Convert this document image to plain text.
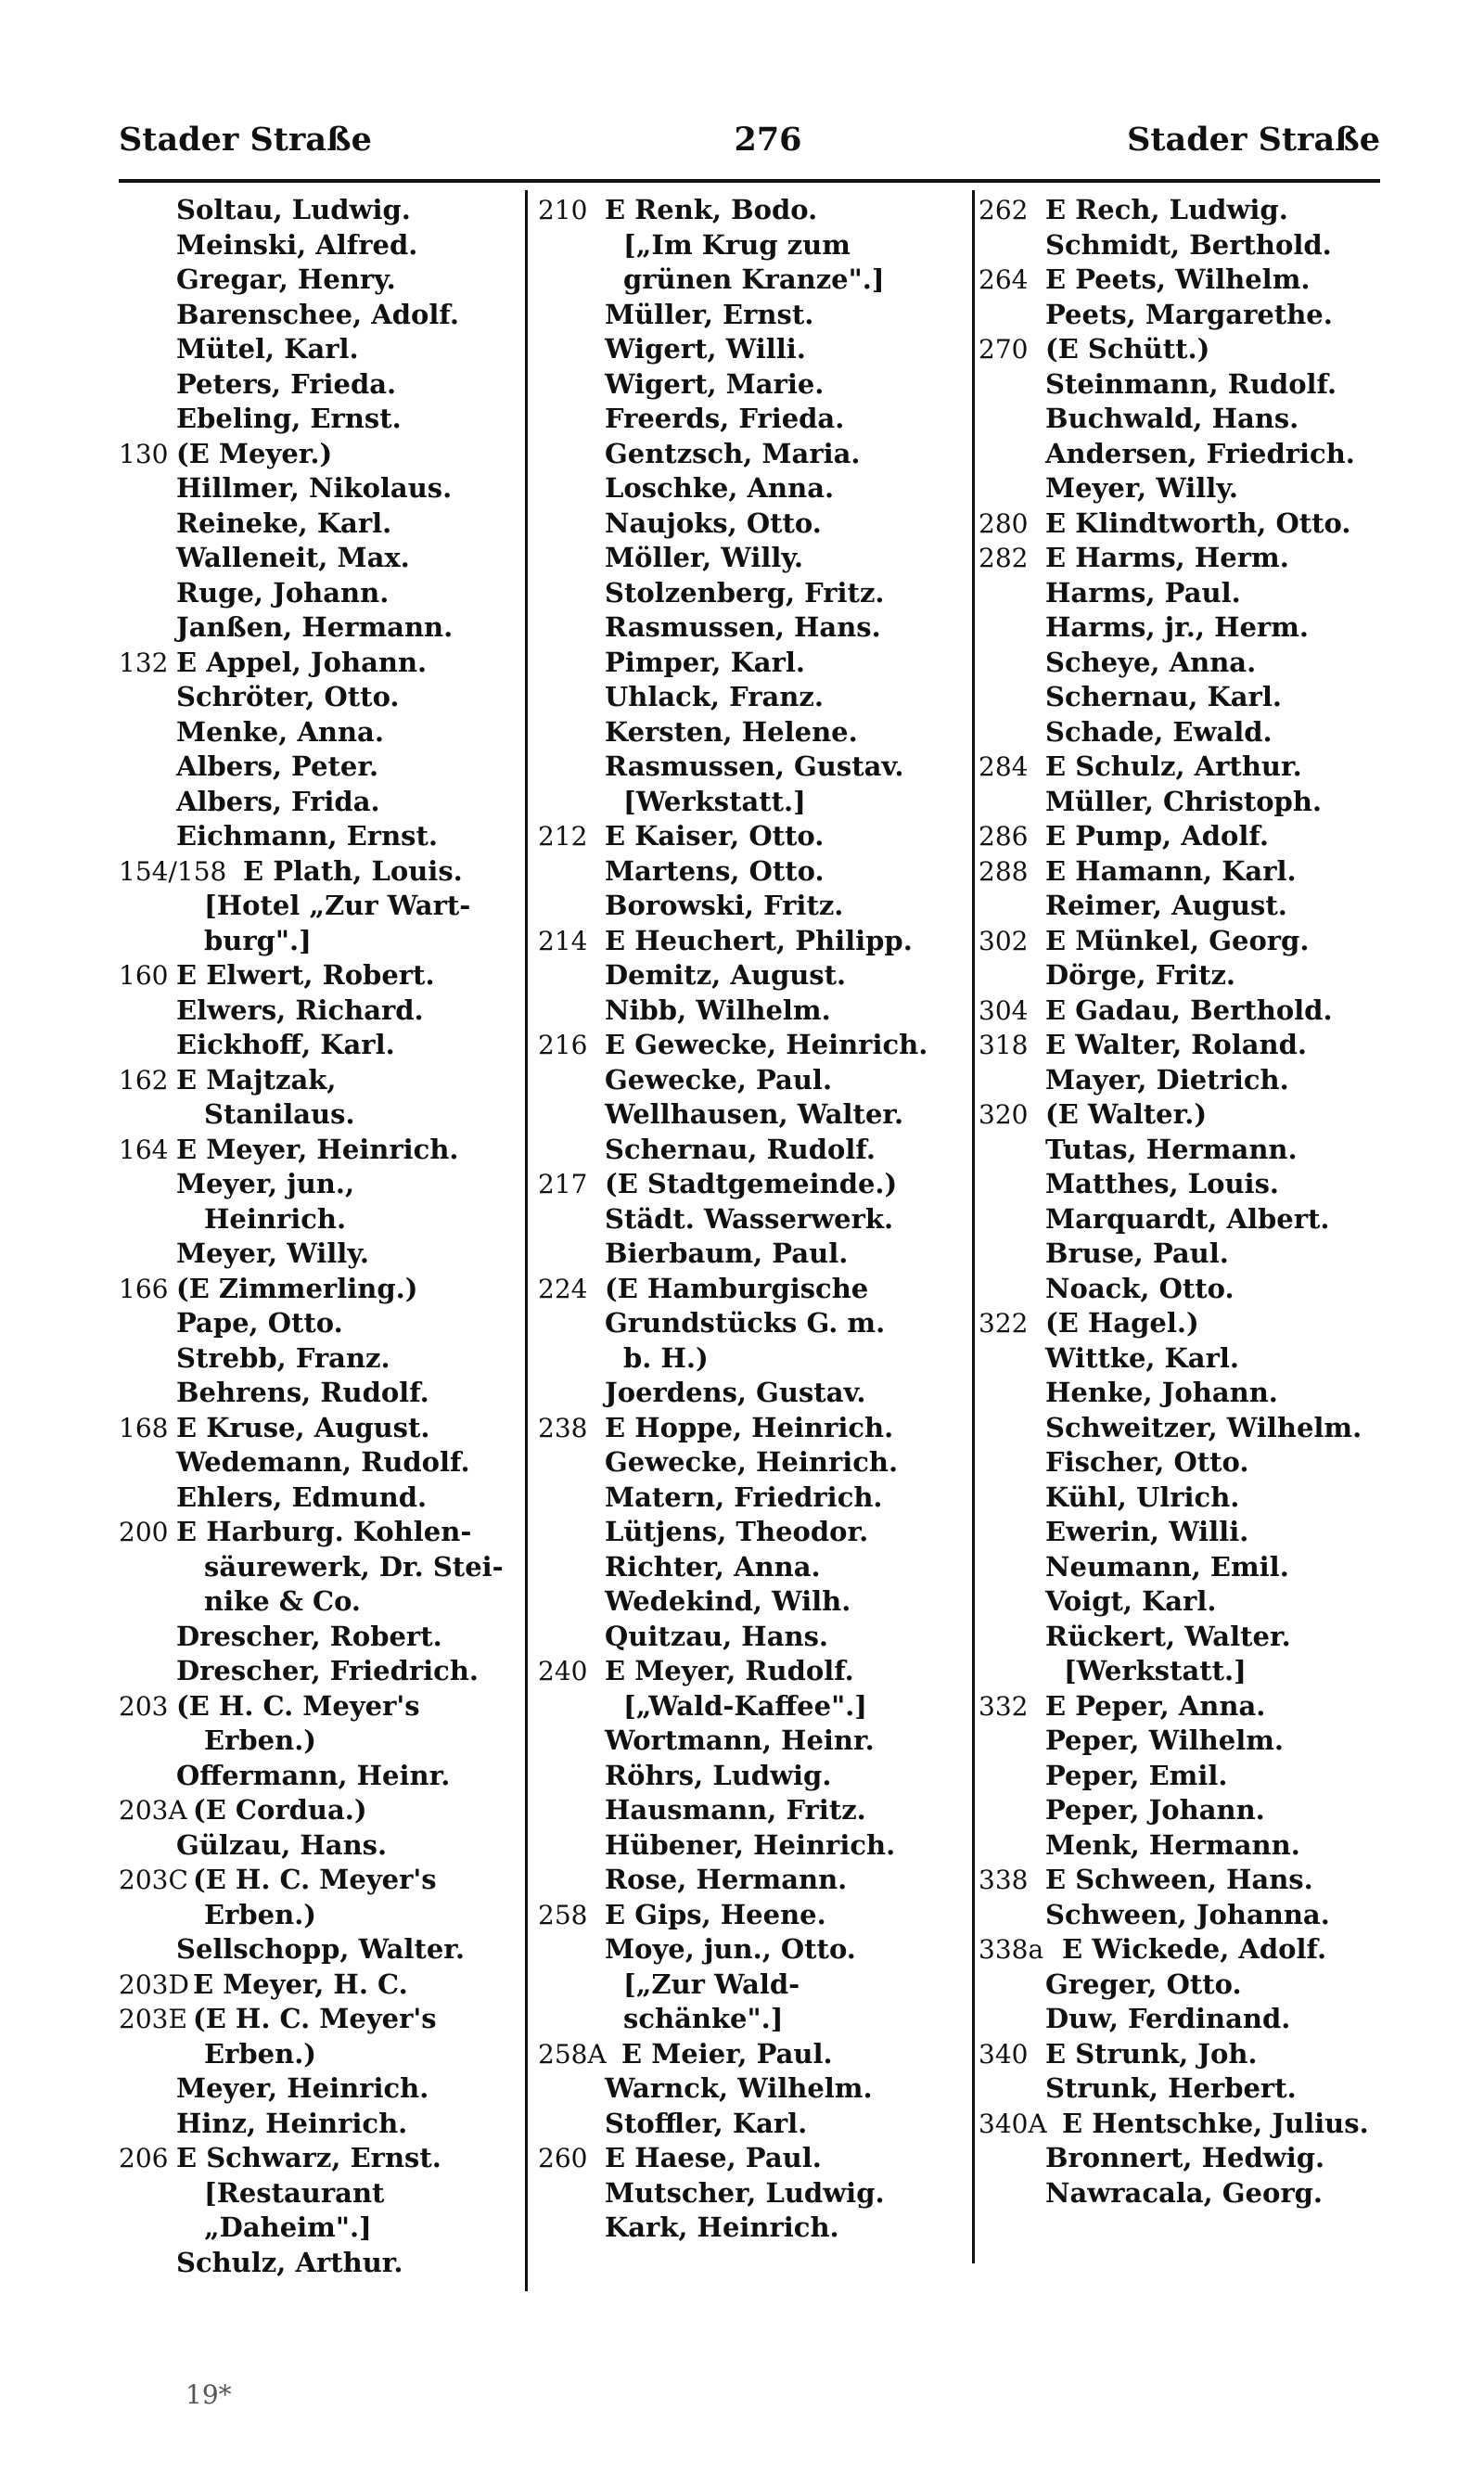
Stader Straße	276	Stader Straße
Soltau, Ludwig.
Meinski, Alfred.
Gregar, Henry.
Barenschee, Adolf.
Mütel, Karl.
Peters, Frieda.
Ebeling, Ernst.
130 (E Meyer.)
Hillmer, Nikolaus.
Reineke, Karl.
Walleneit, Max.
Ruge, Johann.
Janßen, Hermann.
132 E Appel, Johann.
Schröter, Otto.
Menke, Anna.
Albers, Peter.
Albers, Frida.
Eichmann, Ernst.
154/158 E Plath, Louis.
[Hotel „Zur Wart-
burg".]
160 E Elwert, Robert.
Elwers, Richard.
Eickhoff, Karl.
162 E Majtzak,
Stanilaus.
164 E Meyer, Heinrich.
Meyer, jun.,
Heinrich.
Meyer, Willy.
166 (E Zimmerling.)
Pape, Otto.
Strebb, Franz.
Behrens, Rudolf.
168 E Kruse, August.
Wedemann, Rudolf.
Ehlers, Edmund.
200 E Harburg. Kohlen-
säurewerk, Dr. Stei-
nike & Co.
Drescher, Robert.
Drescher, Friedrich.
203 (E H. C. Meyer's
Erben.)
Offermann, Heinr.
203A (E Cordua.)
Gülzau, Hans.
203C (E H. C. Meyer's
Erben.)
Sellschopp, Walter.
203D E Meyer, H. C.
203E (E H. C. Meyer's
Erben.)
Meyer, Heinrich.
Hinz, Heinrich.
206 E Schwarz, Ernst.
[Restaurant
„Daheim".]
Schulz, Arthur.
210 E Renk, Bodo.
[„Im Krug zum
grünen Kranze".]
Müller, Ernst.
Wigert, Willi.
Wigert, Marie.
Freerds, Frieda.
Gentzsch, Maria.
Loschke, Anna.
Naujoks, Otto.
Möller, Willy.
Stolzenberg, Fritz.
Rasmussen, Hans.
Pimper, Karl.
Uhlack, Franz.
Kersten, Helene.
Rasmussen, Gustav.
[Werkstatt.]
212 E Kaiser, Otto.
Martens, Otto.
Borowski, Fritz.
214 E Heuchert, Philipp.
Demitz, August.
Nibb, Wilhelm.
216 E Gewecke, Heinrich.
Gewecke, Paul.
Wellhausen, Walter.
Schernau, Rudolf.
217 (E Stadtgemeinde.)
Städt. Wasserwerk.
Bierbaum, Paul.
224 (E Hamburgische
Grundstücks G. m.
b. H.)
Joerdens, Gustav.
238 E Hoppe, Heinrich.
Gewecke, Heinrich.
Matern, Friedrich.
Lütjens, Theodor.
Richter, Anna.
Wedekind, Wilh.
Quitzau, Hans.
240 E Meyer, Rudolf.
[„Wald-Kaffee".]
Wortmann, Heinr.
Röhrs, Ludwig.
Hausmann, Fritz.
Hübener, Heinrich.
Rose, Hermann.
258 E Gips, Heene.
Moye, jun., Otto.
[„Zur Wald-
schänke".]
258A E Meier, Paul.
Warnck, Wilhelm.
Stoffler, Karl.
260 E Haese, Paul.
Mutscher, Ludwig.
Kark, Heinrich.
262 E Rech, Ludwig.
Schmidt, Berthold.
264 E Peets, Wilhelm.
Peets, Margarethe.
270 (E Schütt.)
Steinmann, Rudolf.
Buchwald, Hans.
Andersen, Friedrich.
Meyer, Willy.
280 E Klindtworth, Otto.
282 E Harms, Herm.
Harms, Paul.
Harms, jr., Herm.
Scheye, Anna.
Schernau, Karl.
Schade, Ewald.
284 E Schulz, Arthur.
Müller, Christoph.
286 E Pump, Adolf.
288 E Hamann, Karl.
Reimer, August.
302 E Münkel, Georg.
Dörge, Fritz.
304 E Gadau, Berthold.
318 E Walter, Roland.
Mayer, Dietrich.
320 (E Walter.)
Tutas, Hermann.
Matthes, Louis.
Marquardt, Albert.
Bruse, Paul.
Noack, Otto.
322 (E Hagel.)
Wittke, Karl.
Henke, Johann.
Schweitzer, Wilhelm.
Fischer, Otto.
Kühl, Ulrich.
Ewerin, Willi.
Neumann, Emil.
Voigt, Karl.
Rückert, Walter.
[Werkstatt.]
332 E Peper, Anna.
Peper, Wilhelm.
Peper, Emil.
Peper, Johann.
Menk, Hermann.
338 E Schween, Hans.
Schween, Johanna.
338a E Wickede, Adolf.
Greger, Otto.
Duw, Ferdinand.
340 E Strunk, Joh.
Strunk, Herbert.
340A E Hentschke, Julius.
Bronnert, Hedwig.
Nawracala, Georg.
19*
